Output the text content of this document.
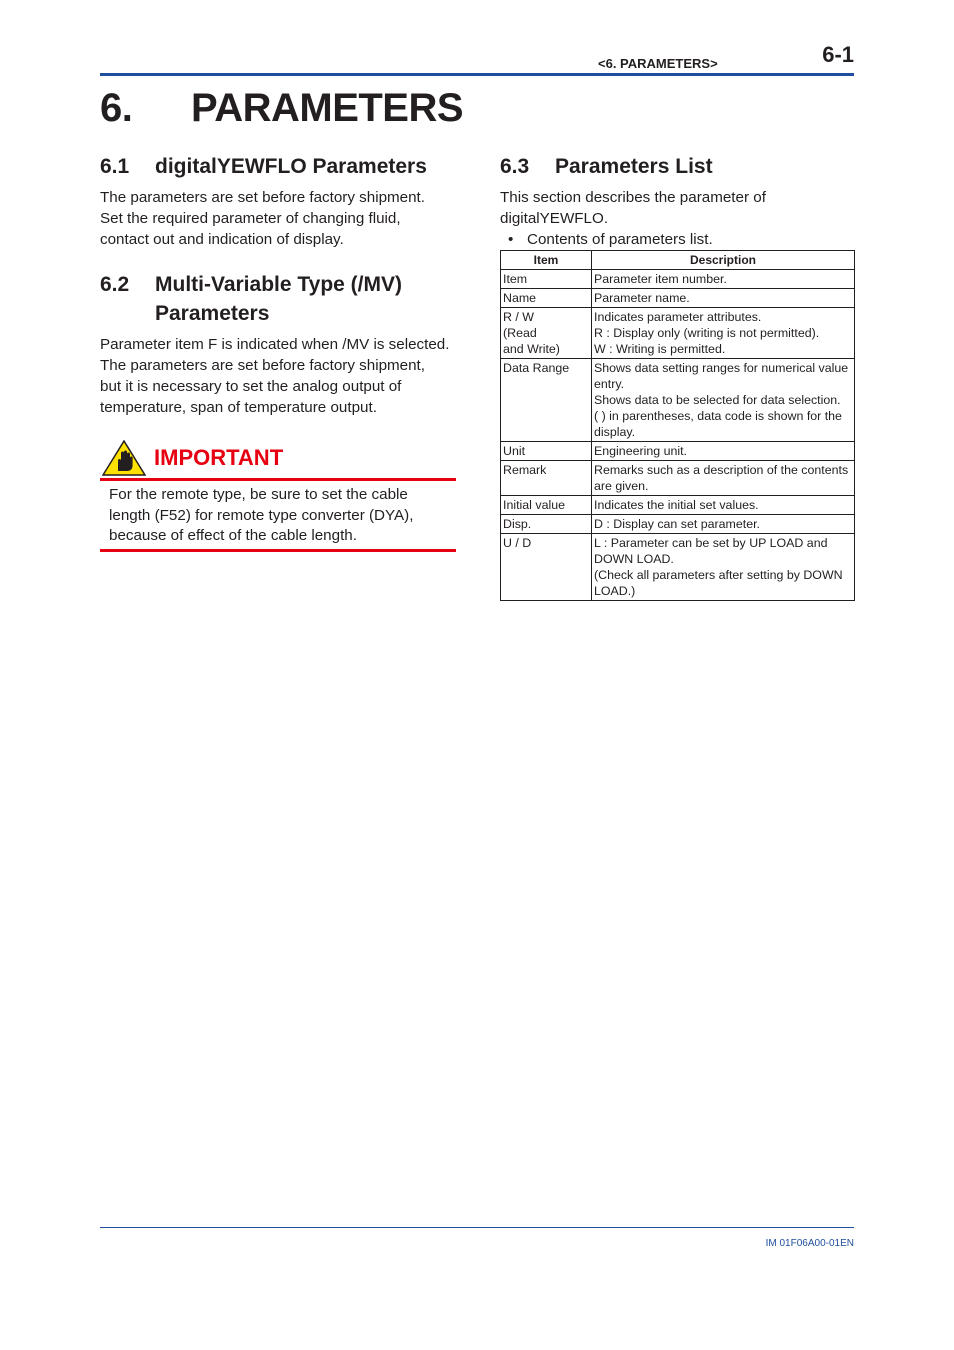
<6. PARAMETERS>	6-1
6. PARAMETERS
6.1	digitalYEWFLO Parameters

The parameters are set before factory shipment.
Set the required parameter of changing fluid,
contact out and indication of display.

6.2	Multi-Variable Type (/MV)
Parameters

Parameter item F is indicated when /MV is selected.
The parameters are set before factory shipment,
but it is necessary to set the analog output of
temperature, span of temperature output.

IMPORTANT
For the remote type, be sure to set the cable
length (F52) for remote type converter (DYA),
because of effect of the cable length.
6.3	Parameters List

This section describes the parameter of
digitalYEWFLO.

• Contents of parameters list.
Item	Description
Item	Parameter item number.
Name	Parameter name.
R / W
(Read
and Write)	Indicates parameter attributes.
R : Display only (writing is not permitted).
W : Writing is permitted.
Data Range	Shows data setting ranges for numerical value
entry.
Shows data to be selected for data selection.
( ) in parentheses, data code is shown for the
display.
Unit	Engineering unit.
Remark	Remarks such as a description of the contents
are given.
Initial value	Indicates the initial set values.
Disp.	D : Display can set parameter.
U / D	L : Parameter can be set by UP LOAD and
DOWN LOAD.
(Check all parameters after setting by DOWN
LOAD.)
IM 01F06A00-01EN
